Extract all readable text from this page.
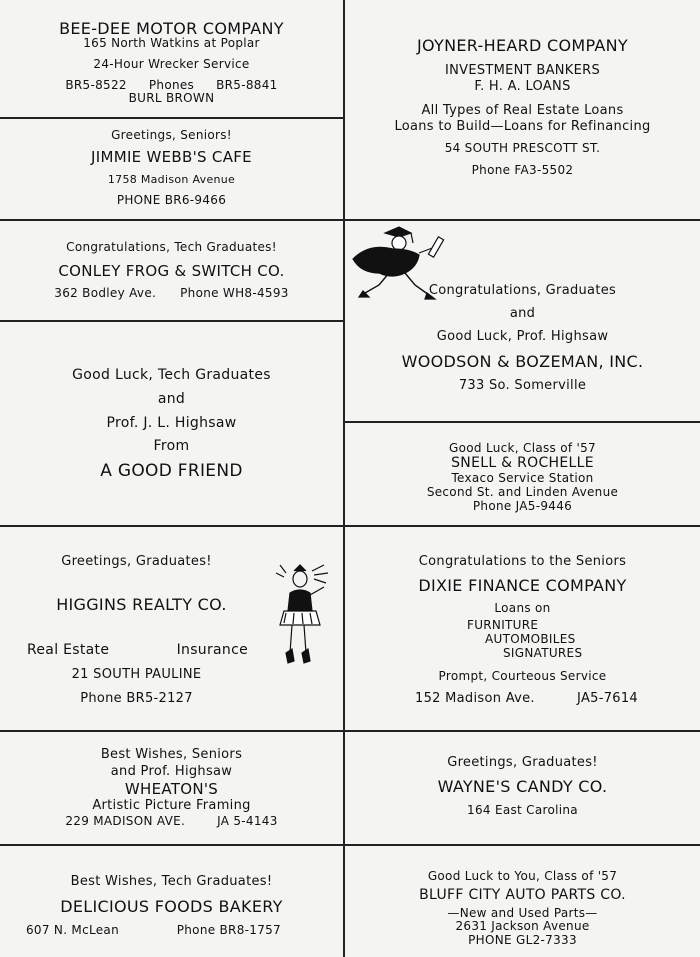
BEE-DEE MOTOR COMPANY
165 North Watkins at Poplar
24-Hour Wrecker Service
BR5-8522 Phones BR5-8841
BURL BROWN
Greetings, Seniors!
JIMMIE WEBB'S CAFE
1758 Madison Avenue
PHONE BR6-9466
Congratulations, Tech Graduates!
CONLEY FROG & SWITCH CO.
362 Bodley Ave. Phone WH8-4593
Good Luck, Tech Graduates
and
Prof. J. L. Highsaw
From
A GOOD FRIEND
Greetings, Graduates!
HIGGINS REALTY CO.
Real Estate	Insurance
21 SOUTH PAULINE
Phone BR5-2127
Best Wishes, Seniors
and Prof. Highsaw
WHEATON'S
Artistic Picture Framing
229 MADISON AVE.	JA 5-4143
Best Wishes, Tech Graduates!
DELICIOUS FOODS BAKERY
607 N. McLean	Phone BR8-1757
JOYNER-HEARD COMPANY
INVESTMENT BANKERS
F. H. A. LOANS
All Types of Real Estate Loans
Loans to Build—Loans for Refinancing
54 SOUTH PRESCOTT ST.
Phone FA3-5502
Congratulations, Graduates
and
Good Luck, Prof. Highsaw
WOODSON & BOZEMAN, INC.
733 So. Somerville
Good Luck, Class of '57
SNELL & ROCHELLE
Texaco Service Station
Second St. and Linden Avenue
Phone JA5-9446
Congratulations to the Seniors
DIXIE FINANCE COMPANY
Loans on
FURNITURE
AUTOMOBILES
SIGNATURES
Prompt, Courteous Service
152 Madison Ave.	JA5-7614
Greetings, Graduates!
WAYNE'S CANDY CO.
164 East Carolina
Good Luck to You, Class of '57
BLUFF CITY AUTO PARTS CO.
—New and Used Parts—
2631 Jackson Avenue
PHONE GL2-7333
